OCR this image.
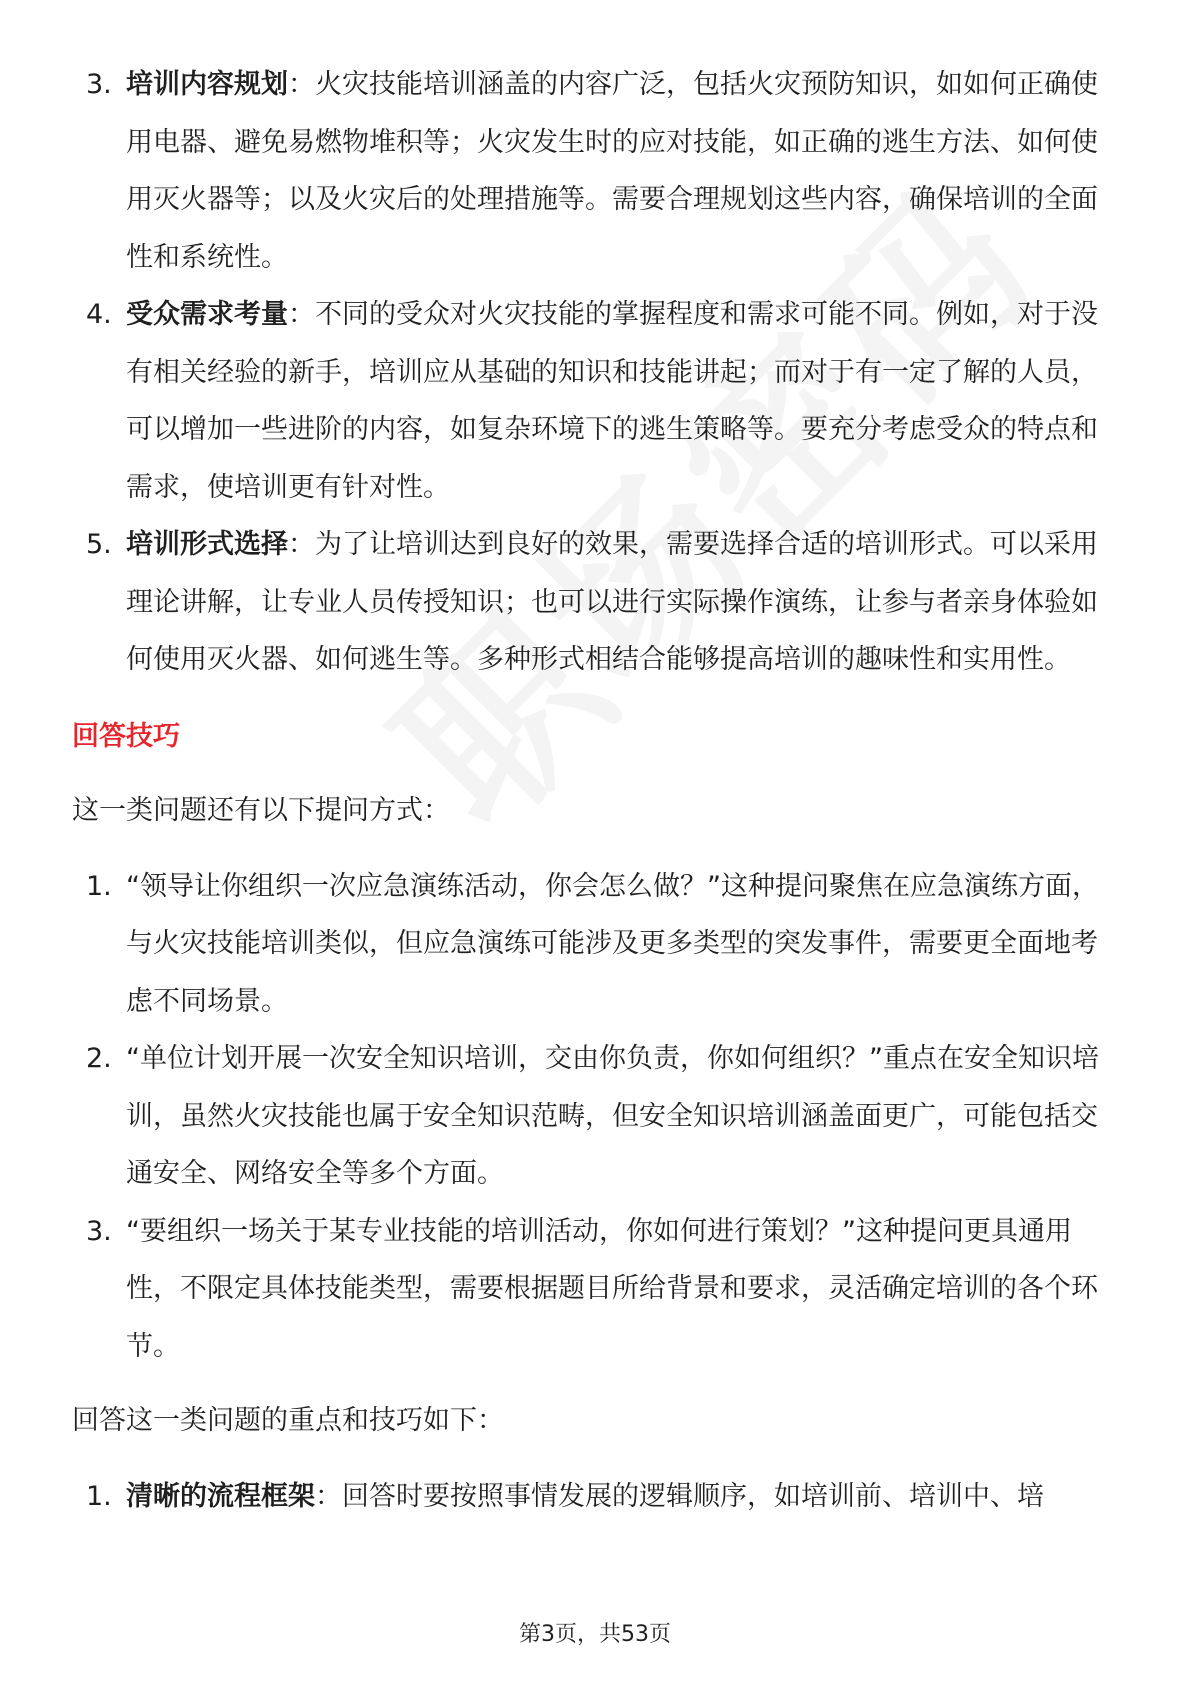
3. 培训内容规划：火灾技能培训涵盖的内容广泛，包括火灾预防知识，如如何正确使用电器、避免易燃物堆积等；火灾发生时的应对技能，如正确的逃生方法、如何使用灭火器等；以及火灾后的处理措施等。需要合理规划这些内容，确保培训的全面性和系统性。
4. 受众需求考量：不同的受众对火灾技能的掌握程度和需求可能不同。例如，对于没有相关经验的新手，培训应从基础的知识和技能讲起；而对于有一定了解的人员，可以增加一些进阶的内容，如复杂环境下的逃生策略等。要充分考虑受众的特点和需求，使培训更有针对性。
5. 培训形式选择：为了让培训达到良好的效果，需要选择合适的培训形式。可以采用理论讲解，让专业人员传授知识；也可以进行实际操作演练，让参与者亲身体验如何使用灭火器、如何逃生等。多种形式相结合能够提高培训的趣味性和实用性。

回答技巧

这一类问题还有以下提问方式：

1. “领导让你组织一次应急演练活动，你会怎么做？”这种提问聚焦在应急演练方面，与火灾技能培训类似，但应急演练可能涉及更多类型的突发事件，需要更全面地考虑不同场景。
2. “单位计划开展一次安全知识培训，交由你负责，你如何组织？”重点在安全知识培训，虽然火灾技能也属于安全知识范畴，但安全知识培训涵盖面更广，可能包括交通安全、网络安全等多个方面。
3. “要组织一场关于某专业技能的培训活动，你如何进行策划？”这种提问更具通用性，不限定具体技能类型，需要根据题目所给背景和要求，灵活确定培训的各个环节。

回答这一类问题的重点和技巧如下：

1. 清晰的流程框架：回答时要按照事情发展的逻辑顺序，如培训前、培训中、培
第3页，共53页
